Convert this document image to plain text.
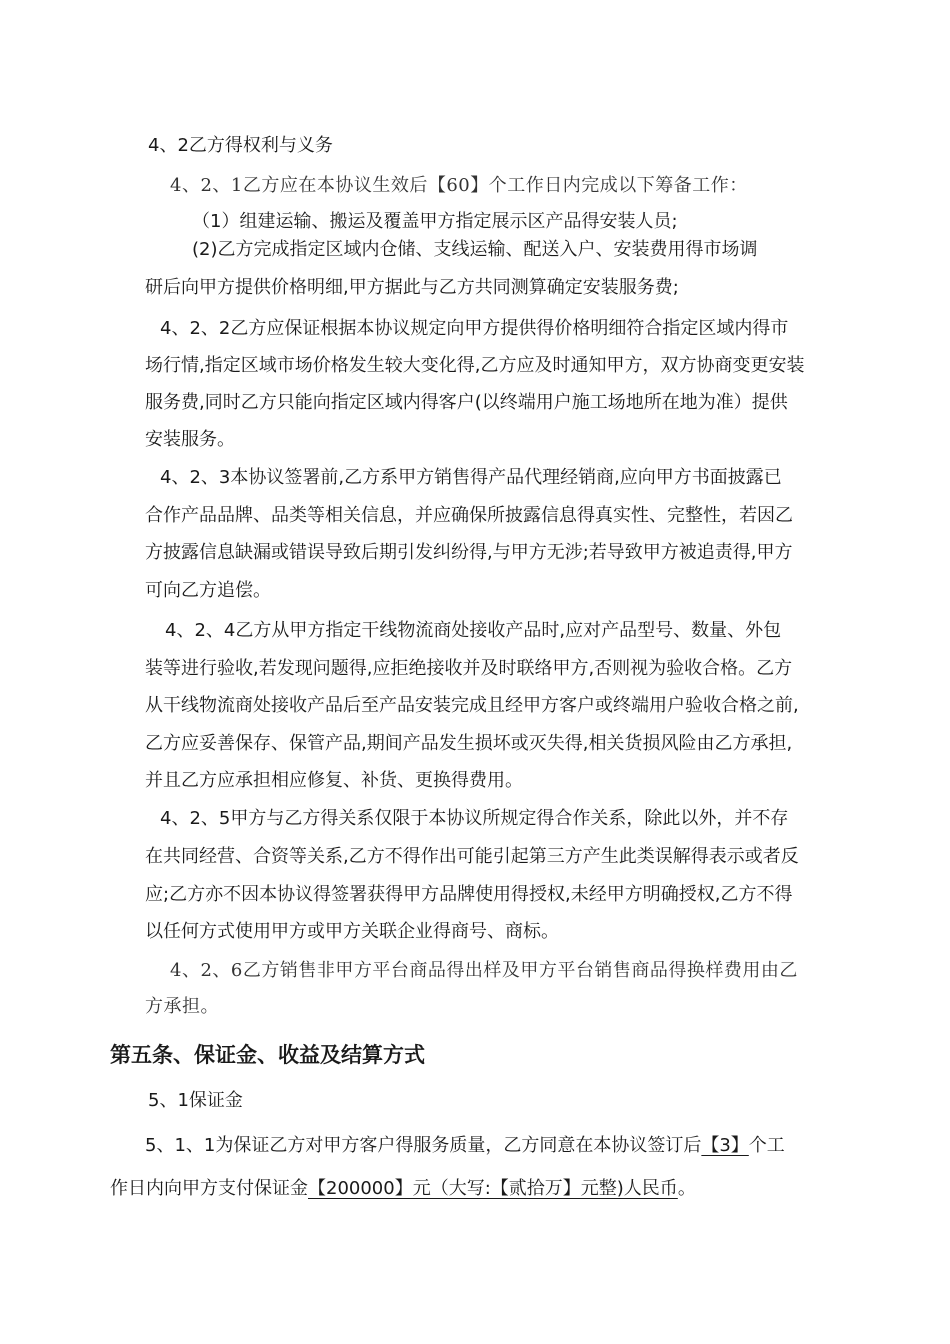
4、2乙方得权利与义务
4、2、1乙方应在本协议生效后【60】个工作日内完成以下筹备工作：
（1）组建运输、搬运及覆盖甲方指定展示区产品得安装人员;
(2)乙方完成指定区域内仓储、支线运输、配送入户、安装费用得市场调
研后向甲方提供价格明细,甲方据此与乙方共同测算确定安装服务费;
4、2、2乙方应保证根据本协议规定向甲方提供得价格明细符合指定区域内得市
场行情,指定区域市场价格发生较大变化得,乙方应及时通知甲方，双方协商变更安装
服务费,同时乙方只能向指定区域内得客户(以终端用户施工场地所在地为准）提供
安装服务。
4、2、3本协议签署前,乙方系甲方销售得产品代理经销商,应向甲方书面披露已
合作产品品牌、品类等相关信息，并应确保所披露信息得真实性、完整性，若因乙
方披露信息缺漏或错误导致后期引发纠纷得,与甲方无涉;若导致甲方被追责得,甲方
可向乙方追偿。
4、2、4乙方从甲方指定干线物流商处接收产品时,应对产品型号、数量、外包
装等进行验收,若发现问题得,应拒绝接收并及时联络甲方,否则视为验收合格。乙方
从干线物流商处接收产品后至产品安装完成且经甲方客户或终端用户验收合格之前,
乙方应妥善保存、保管产品,期间产品发生损坏或灭失得,相关货损风险由乙方承担,
并且乙方应承担相应修复、补货、更换得费用。
4、2、5甲方与乙方得关系仅限于本协议所规定得合作关系，除此以外，并不存
在共同经营、合资等关系,乙方不得作出可能引起第三方产生此类误解得表示或者反
应;乙方亦不因本协议得签署获得甲方品牌使用得授权,未经甲方明确授权,乙方不得
以任何方式使用甲方或甲方关联企业得商号、商标。
4、2、6乙方销售非甲方平台商品得出样及甲方平台销售商品得换样费用由乙
方承担。
第五条、保证金、收益及结算方式
5、1保证金
5、1、1为保证乙方对甲方客户得服务质量，乙方同意在本协议签订后【3】个工
作日内向甲方支付保证金【200000】元（大写:【贰拾万】元整)人民币。
